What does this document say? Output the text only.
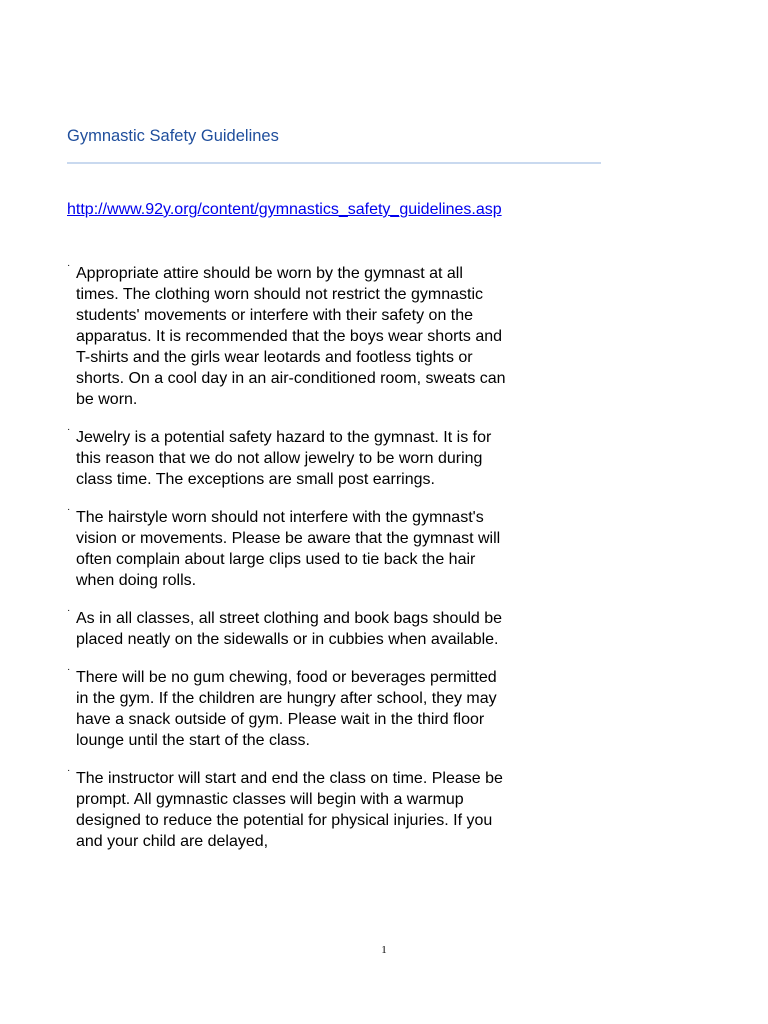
Gymnastic Safety Guidelines
http://www.92y.org/content/gymnastics_safety_guidelines.asp
· Appropriate attire should be worn by the gymnast at all times. The clothing worn should not restrict the gymnastic students' movements or interfere with their safety on the apparatus. It is recommended that the boys wear shorts and T-shirts and the girls wear leotards and footless tights or shorts. On a cool day in an air-conditioned room, sweats can be worn.
· Jewelry is a potential safety hazard to the gymnast. It is for this reason that we do not allow jewelry to be worn during class time. The exceptions are small post earrings.
· The hairstyle worn should not interfere with the gymnast's vision or movements. Please be aware that the gymnast will often complain about large clips used to tie back the hair when doing rolls.
· As in all classes, all street clothing and book bags should be placed neatly on the sidewalls or in cubbies when available.
· There will be no gum chewing, food or beverages permitted in the gym. If the children are hungry after school, they may have a snack outside of gym. Please wait in the third floor lounge until the start of the class.
· The instructor will start and end the class on time. Please be prompt. All gymnastic classes will begin with a warmup designed to reduce the potential for physical injuries. If you and your child are delayed,
1
